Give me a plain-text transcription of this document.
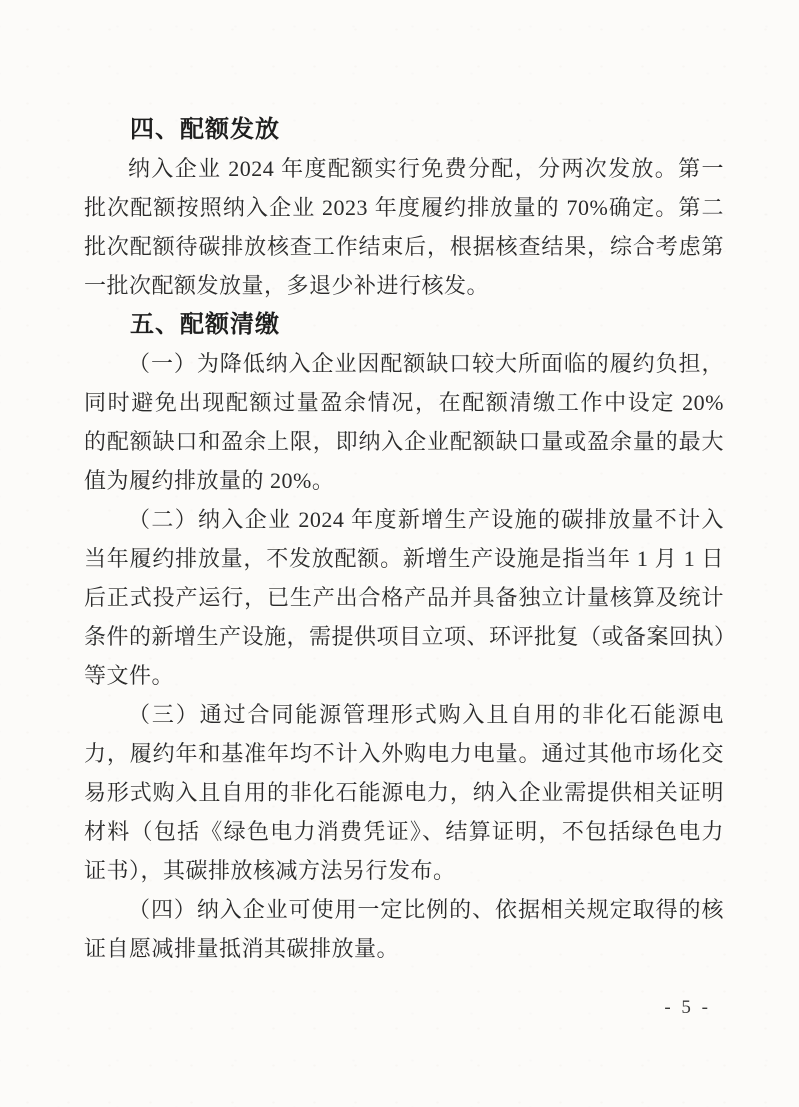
四、配额发放
纳入企业 2024 年度配额实行免费分配，分两次发放。第一
批次配额按照纳入企业 2023 年度履约排放量的 70%确定。第二
批次配额待碳排放核查工作结束后，根据核查结果，综合考虑第
一批次配额发放量，多退少补进行核发。
五、配额清缴
（一）为降低纳入企业因配额缺口较大所面临的履约负担，
同时避免出现配额过量盈余情况，在配额清缴工作中设定 20%
的配额缺口和盈余上限，即纳入企业配额缺口量或盈余量的最大
值为履约排放量的 20%。
（二）纳入企业 2024 年度新增生产设施的碳排放量不计入
当年履约排放量，不发放配额。新增生产设施是指当年 1 月 1 日
后正式投产运行，已生产出合格产品并具备独立计量核算及统计
条件的新增生产设施，需提供项目立项、环评批复（或备案回执）
等文件。
（三）通过合同能源管理形式购入且自用的非化石能源电
力，履约年和基准年均不计入外购电力电量。通过其他市场化交
易形式购入且自用的非化石能源电力，纳入企业需提供相关证明
材料（包括《绿色电力消费凭证》、结算证明，不包括绿色电力
证书），其碳排放核减方法另行发布。
（四）纳入企业可使用一定比例的、依据相关规定取得的核
证自愿减排量抵消其碳排放量。
- 5 -
